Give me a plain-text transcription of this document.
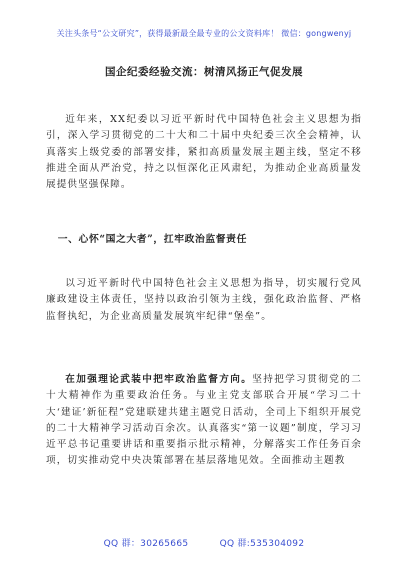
关注头条号“公文研究”，获得最新最全最专业的公文资料库！ 微信：gongwenyj
国企纪委经验交流：树清风扬正气促发展
近年来，XX纪委以习近平新时代中国特色社会主义思想为指引，深入学习贯彻党的二十大和二十届中央纪委三次全会精神，认真落实上级党委的部署安排，紧扣高质量发展主题主线，坚定不移推进全面从严治党，持之以恒深化正风肃纪，为推动企业高质量发展提供坚强保障。
一、心怀“国之大者”，扛牢政治监督责任
以习近平新时代中国特色社会主义思想为指导，切实履行党风廉政建设主体责任，坚持以政治引领为主线，强化政治监督、严格监督执纪，为企业高质量发展筑牢纪律“堡垒”。
在加强理论武装中把牢政治监督方向。坚持把学习贯彻党的二十大精神作为重要政治任务。与业主党支部联合开展“学习二十大‘建证’新征程”党建联建共建主题党日活动，全司上下组织开展党的二十大精神学习活动百余次。认真落实“第一议题”制度，学习习近平总书记重要讲话和重要指示批示精神，分解落实工作任务百余项，切实推动党中央决策部署在基层落地见效。全面推动主题教
QQ 群：30265665	QQ 群:535304092
